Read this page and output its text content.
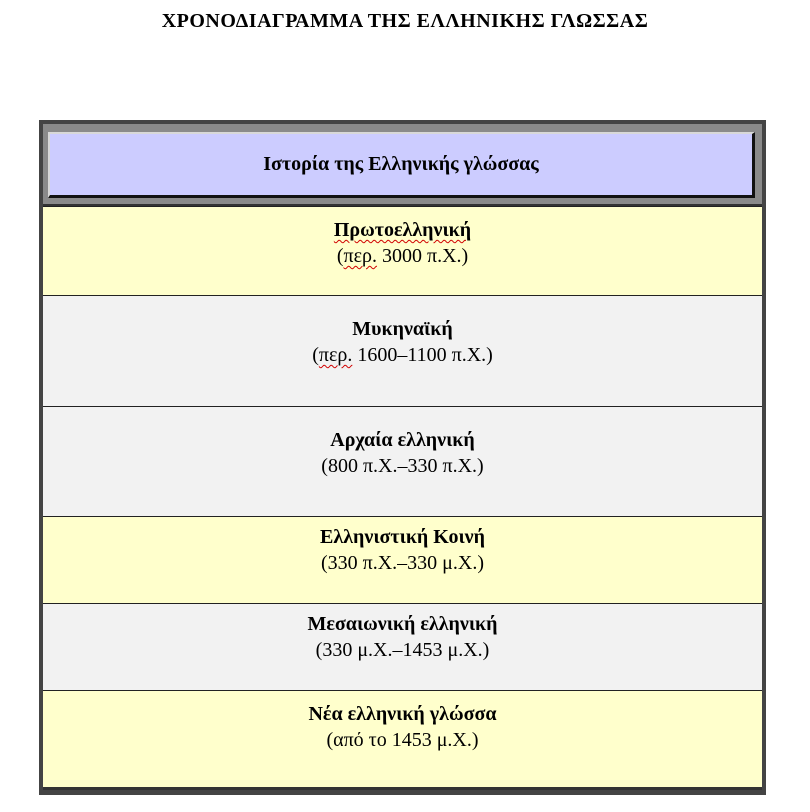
ΧΡΟΝΟΔΙΑΓΡΑΜΜΑ ΤΗΣ ΕΛΛΗΝΙΚΗΣ ΓΛΩΣΣΑΣ
Ιστορία της Ελληνικής γλώσσας
Πρωτοελληνική
(περ. 3000 π.Χ.)
Μυκηναϊκή
(περ. 1600–1100 π.Χ.)
Αρχαία ελληνική
(800 π.Χ.–330 π.Χ.)
Ελληνιστική Κοινή
(330 π.Χ.–330 μ.Χ.)
Μεσαιωνική ελληνική
(330 μ.Χ.–1453 μ.Χ.)
Νέα ελληνική γλώσσα
(από το 1453 μ.Χ.)
